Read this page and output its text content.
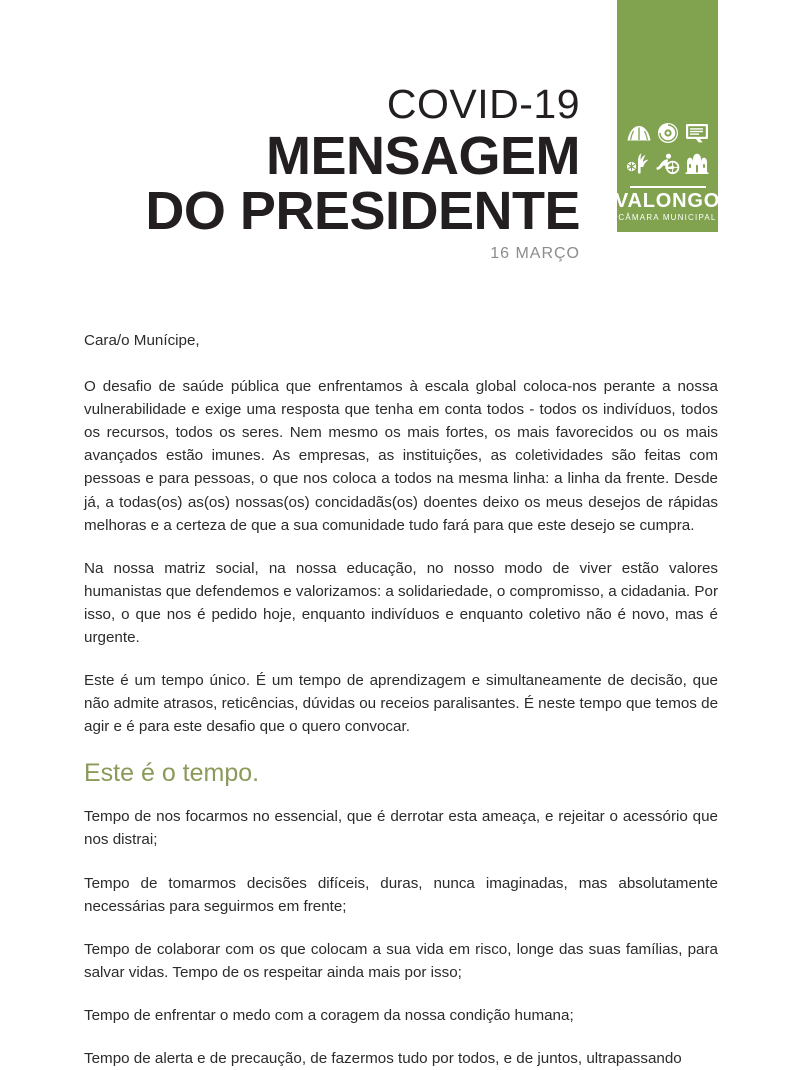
COVID-19
MENSAGEM
DO PRESIDENTE
16 MARÇO
VALONGO
CÂMARA MUNICIPAL
Cara/o Munícipe,

O desafio de saúde pública que enfrentamos à escala global coloca-nos perante a nossa vulnerabilidade e exige uma resposta que tenha em conta todos - todos os indivíduos, todos os recursos, todos os seres. Nem mesmo os mais fortes, os mais favorecidos ou os mais avançados estão imunes. As empresas, as instituições, as coletividades são feitas com pessoas e para pessoas, o que nos coloca a todos na mesma linha: a linha da frente. Desde já, a todas(os) as(os) nossas(os) concidadãs(os) doentes deixo os meus desejos de rápidas melhoras e a certeza de que a sua comunidade tudo fará para que este desejo se cumpra.

Na nossa matriz social, na nossa educação, no nosso modo de viver estão valores humanistas que defendemos e valorizamos: a solidariedade, o compromisso, a cidadania. Por isso, o que nos é pedido hoje, enquanto indivíduos e enquanto coletivo não é novo, mas é urgente.

Este é um tempo único. É um tempo de aprendizagem e simultaneamente de decisão, que não admite atrasos, reticências, dúvidas ou receios paralisantes. É neste tempo que temos de agir e é para este desafio que o quero convocar.

Este é o tempo.

Tempo de nos focarmos no essencial, que é derrotar esta ameaça, e rejeitar o acessório que nos distrai;

Tempo de tomarmos decisões difíceis, duras, nunca imaginadas, mas absolutamente necessárias para seguirmos em frente;

Tempo de colaborar com os que colocam a sua vida em risco, longe das suas famílias, para salvar vidas. Tempo de os respeitar ainda mais por isso;

Tempo de enfrentar o medo com a coragem da nossa condição humana;

Tempo de alerta e de precaução, de fazermos tudo por todos, e de juntos, ultrapassando
